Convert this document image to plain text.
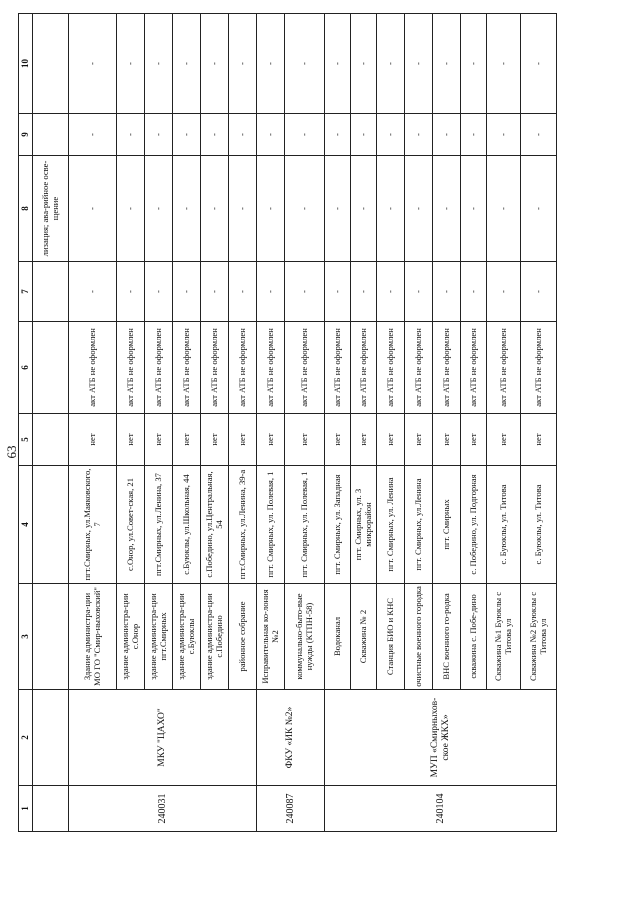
63
1	2	3	4	5	6	7	8	9	10
							лизация; ава-рийное осве-щение		
240031	МКУ "ЦАХО"	Здание администра-ции МО ГО "Смир-ныховский"	пгт.Смирных, ул.Маяковского, 7	нет	акт АТБ не оформлен	-	-	-	-
		здание администра-ции с.Онор	с.Онор, ул.Совет-ская, 21	нет	акт АТБ не оформлен	-	-	-	-
		здание администра-ции пгт.Смирных	пгт.Смирных, ул.Ленина, 37	нет	акт АТБ не оформлен	-	-	-	-
		здание администра-ции с.Буюклы	с.Буюклы, ул.Школьная, 44	нет	акт АТБ не оформлен	-	-	-	-
		здание администра-ции с.Победино	с.Победино, ул.Центральная, 54	нет	акт АТБ не оформлен	-	-	-	-
		районное собрание	пгт.Смирных, ул.Ленина, 39-а	нет	акт АТБ не оформлен	-	-	-	-
240087	ФКУ «ИК №2»	Исправительная ко-лония №2	пгт. Смирных, ул. Полевая, 1	нет	акт АТБ не оформлен	-	-	-	-
		коммунально-быто-вые нужды (КТПН-58)	пгт. Смирных, ул. Полевая, 1	нет	акт АТБ не оформлен	-	-	-	-
240104	МУП «Смирныхов-ское ЖКХ»	Водоканал	пгт. Смирных, ул. Западная	нет	акт АТБ не оформлен	-	-	-	-
		Скважина № 2	пгт. Смирных, ул. 3 микрорайон	нет	акт АТБ не оформлен	-	-	-	-
		Станция БИО и КНС	пгт. Смирных, ул. Ленина	нет	акт АТБ не оформлен	-	-	-	-
		очистные военного городка	пгт. Смирных, ул.Ленина	нет	акт АТБ не оформлен	-	-	-	-
		ВНС военного го-родка	пгт. Смирных	нет	акт АТБ не оформлен	-	-	-	-
		скважина с. Побе-дино	с. Победино, ул. Подгорная	нет	акт АТБ не оформлен	-	-	-	-
		Скважина №1 Буюклы с Титова ул	с. Буюклы, ул. Титова	нет	акт АТБ не оформлен	-	-	-	-
		Скважина №2 Буюклы с Титова ул	с. Буюклы, ул. Титова	нет	акт АТБ не оформлен	-	-	-	-
